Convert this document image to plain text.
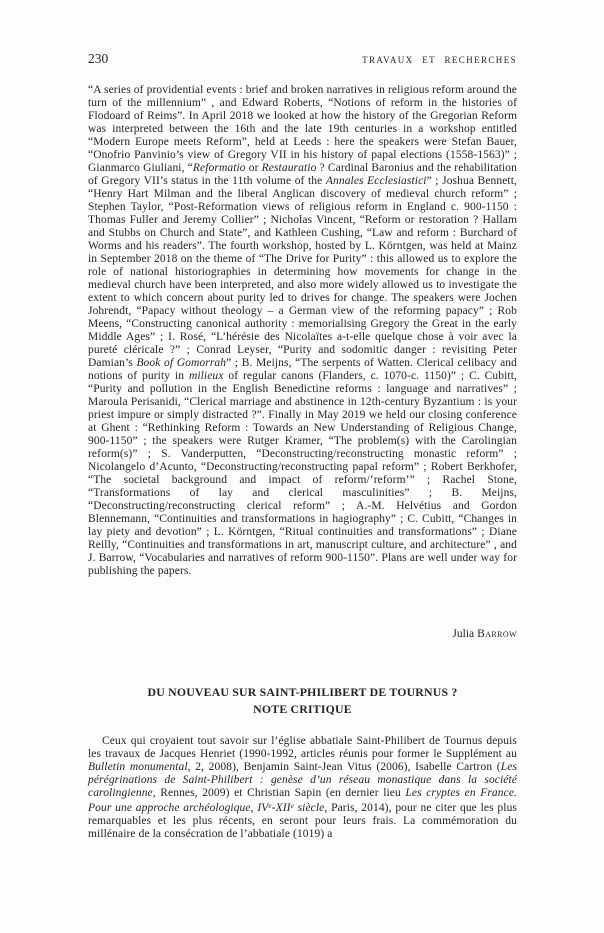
230	TRAVAUX ET RECHERCHES
“A series of providential events : brief and broken narratives in religious reform around the turn of the millennium” , and Edward Roberts, “Notions of reform in the histories of Flodoard of Reims”. In April 2018 we looked at how the history of the Gregorian Reform was interpreted between the 16th and the late 19th centuries in a workshop entitled “Modern Europe meets Reform”, held at Leeds : here the speakers were Stefan Bauer, “Onofrio Panvinio’s view of Gregory VII in his history of papal elections (1558-1563)” ; Gianmarco Giuliani, “Reformatio or Restauratio ? Cardinal Baronius and the rehabilitation of Gregory VII’s status in the 11th volume of the Annales Ecclesiastici” ; Joshua Bennett, “Henry Hart Milman and the liberal Anglican discovery of medieval church reform” ; Stephen Taylor, “Post-Reformation views of religious reform in England c. 900-1150 : Thomas Fuller and Jeremy Collier” ; Nicholas Vincent, “Reform or restoration ? Hallam and Stubbs on Church and State”, and Kathleen Cushing, “Law and reform : Burchard of Worms and his readers”. The fourth workshop, hosted by L. Körntgen, was held at Mainz in September 2018 on the theme of “The Drive for Purity” : this allowed us to explore the role of national historiographies in determining how movements for change in the medieval church have been interpreted, and also more widely allowed us to investigate the extent to which concern about purity led to drives for change. The speakers were Jochen Johrendt, “Papacy without theology – a German view of the reforming papacy” ; Rob Meens, “Constructing canonical authority : memorialising Gregory the Great in the early Middle Ages” ; I. Rosé, “L’hérésie des Nicolaïtes a-t-elle quelque chose à voir avec la pureté cléricale ?” ; Conrad Leyser, “Purity and sodomitic danger : revisiting Peter Damian’s Book of Gomorrah” ; B. Meijns, “The serpents of Watten. Clerical celibacy and notions of purity in milieux of regular canons (Flanders, c. 1070-c. 1150)” ; C. Cubitt, “Purity and pollution in the English Benedictine reforms : language and narratives” ; Maroula Perisanidi, “Clerical marriage and abstinence in 12th-century Byzantium : is your priest impure or simply distracted ?”. Finally in May 2019 we held our closing conference at Ghent : “Rethinking Reform : Towards an New Understanding of Religious Change, 900-1150” ; the speakers were Rutger Kramer, “The problem(s) with the Carolingian reform(s)” ; S. Vanderputten, “Deconstructing/reconstructing monastic reform” ; Nicolangelo d’Acunto, “Deconstructing/reconstructing papal reform” ; Robert Berkhofer, “The societal background and impact of reform/‘reform’” ; Rachel Stone, “Transformations of lay and clerical masculinities” ; B. Meijns, “Deconstructing/reconstructing clerical reform” ; A.-M. Helvétius and Gordon Blennemann, “Continuities and transformations in hagiography” ; C. Cubitt, “Changes in lay piety and devotion” ; L. Körntgen, “Ritual continuities and transformations” ; Diane Reilly, “Continuities and transformations in art, manuscript culture, and architecture” , and J. Barrow, “Vocabularies and narratives of reform 900-1150”. Plans are well under way for publishing the papers.
Julia Barrow
DU NOUVEAU SUR SAINT-PHILIBERT DE TOURNUS ?
NOTE CRITIQUE
Ceux qui croyaient tout savoir sur l’église abbatiale Saint-Philibert de Tournus depuis les travaux de Jacques Henriet (1990-1992, articles réunis pour former le Supplément au Bulletin monumental, 2, 2008), Benjamin Saint-Jean Vitus (2006), Isabelle Cartron (Les pérégrinations de Saint-Philibert : genèse d’un réseau monastique dans la société carolingienne, Rennes, 2009) et Christian Sapin (en dernier lieu Les cryptes en France. Pour une approche archéologique, IVe-XIIe siècle, Paris, 2014), pour ne citer que les plus remarquables et les plus récents, en seront pour leurs frais. La commémoration du millénaire de la consécration de l’abbatiale (1019) a
